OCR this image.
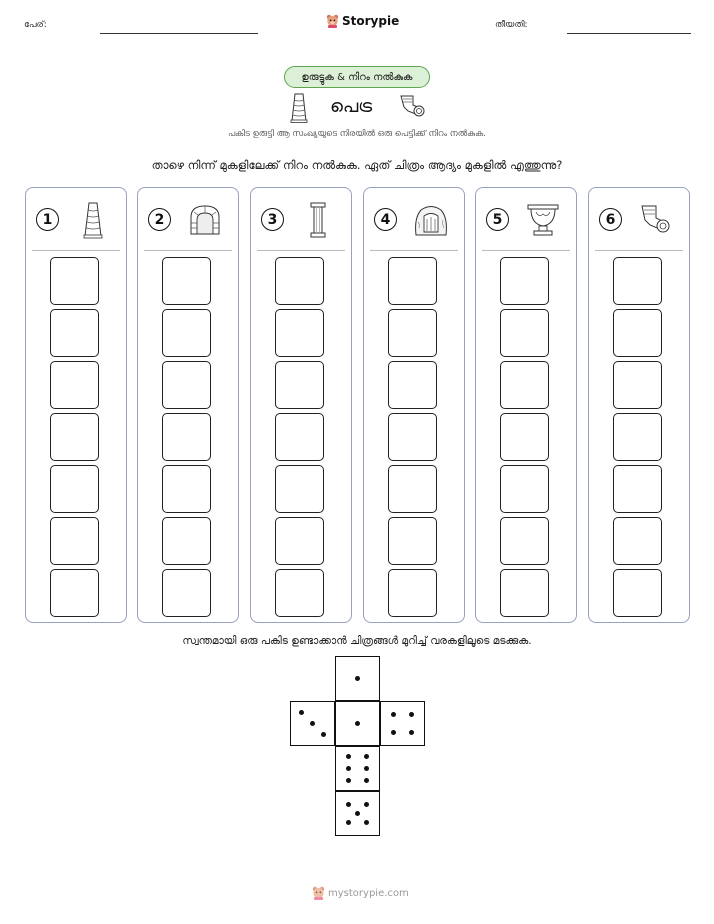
പേര്:	Storypie	തീയതി:
ഉരുട്ടുക & നിറം നൽകുക
പെട്ര
പകിട ഉരുട്ടി ആ സംഖ്യയുടെ നിരയിൽ ഒരു പെട്ടിക്ക് നിറം നൽകുക.
താഴെ നിന്ന് മുകളിലേക്ക് നിറം നൽകുക. ഏത് ചിത്രം ആദ്യം മുകളിൽ എത്തുന്നു?
1	2	3	4	5	6
സ്വന്തമായി ഒരു പകിട ഉണ്ടാക്കാൻ ചിത്രങ്ങൾ മുറിച്ച് വരകളിലൂടെ മടക്കുക.
mystorypie.com
